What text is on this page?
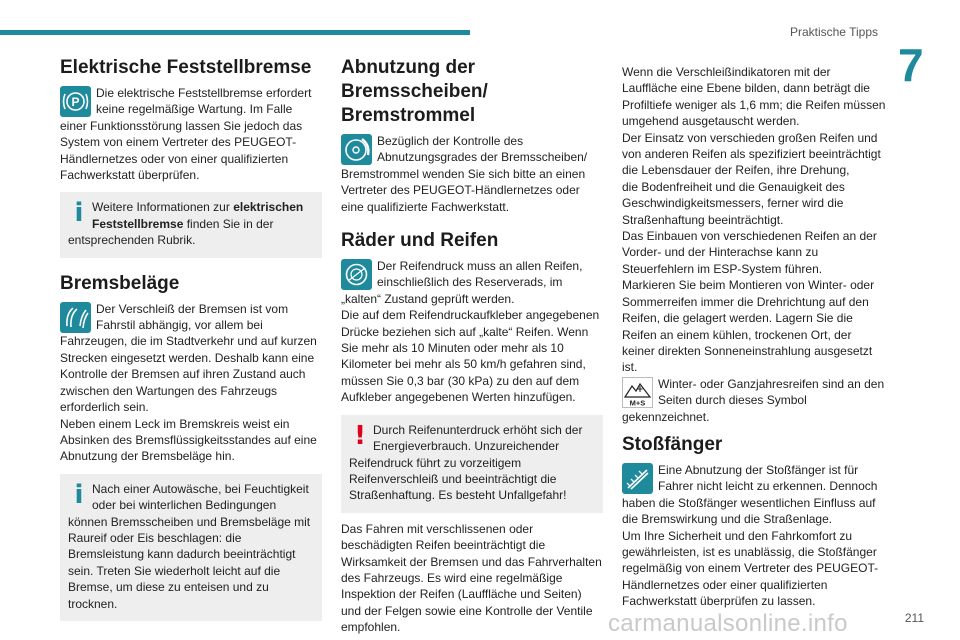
Praktische Tipps
7
211
carmanualsonline.info
Elektrische Feststellbremse
P

Die elektrische Feststellbremse erfordert keine regelmäßige Wartung. Im Falle einer Funktionsstörung lassen Sie jedoch das System von einem Vertreter des PEUGEOT-Händlernetzes oder von einer qualifizierten Fachwerkstatt überprüfen.

i Weitere Informationen zur elektrischen Feststellbremse finden Sie in der entsprechenden Rubrik.

Bremsbeläge

Der Verschleiß der Bremsen ist vom Fahrstil abhängig, vor allem bei Fahrzeugen, die im Stadtverkehr und auf kurzen Strecken eingesetzt werden. Deshalb kann eine Kontrolle der Bremsen auf ihren Zustand auch zwischen den Wartungen des Fahrzeugs erforderlich sein.

Neben einem Leck im Bremskreis weist ein Absinken des Bremsflüssigkeitsstandes auf eine Abnutzung der Bremsbeläge hin.

i Nach einer Autowäsche, bei Feuchtigkeit oder bei winterlichen Bedingungen können Bremsscheiben und Bremsbeläge mit Raureif oder Eis beschlagen: die Bremsleistung kann dadurch beeinträchtigt sein. Treten Sie wiederholt leicht auf die Bremse, um diese zu enteisen und zu trocknen.

Abnutzung der Bremsscheiben/ Bremstrommel

Bezüglich der Kontrolle des Abnutzungsgrades der Bremsscheiben/ Bremstrommel wenden Sie sich bitte an einen Vertreter des PEUGEOT-Händlernetzes oder eine qualifizierte Fachwerkstatt.

Räder und Reifen

Der Reifendruck muss an allen Reifen, einschließlich des Reserverads, im „kalten“ Zustand geprüft werden.

Die auf dem Reifendruckaufkleber angegebenen Drücke beziehen sich auf „kalte“ Reifen. Wenn Sie mehr als 10 Minuten oder mehr als 10 Kilometer bei mehr als 50 km/h gefahren sind, müssen Sie 0,3 bar (30 kPa) zu den auf dem Aufkleber angegebenen Werten hinzufügen.

! Durch Reifenunterdruck erhöht sich der Energieverbrauch. Unzureichender Reifendruck führt zu vorzeitigem Reifenverschleiß und beeinträchtigt die Straßenhaftung. Es besteht Unfallgefahr!

Das Fahren mit verschlissenen oder beschädigten Reifen beeinträchtigt die Wirksamkeit der Bremsen und das Fahrverhalten des Fahrzeugs. Es wird eine regelmäßige Inspektion der Reifen (Lauffläche und Seiten) und der Felgen sowie eine Kontrolle der Ventile empfohlen.

Wenn die Verschleißindikatoren mit der Lauffläche eine Ebene bilden, dann beträgt die Profiltiefe weniger als 1,6 mm; die Reifen müssen umgehend ausgetauscht werden.

Der Einsatz von verschieden großen Reifen und von anderen Reifen als spezifiziert beeinträchtigt die Lebensdauer der Reifen, ihre Drehung,

die Bodenfreiheit und die Genauigkeit des Geschwindigkeitsmessers, ferner wird die Straßenhaftung beeinträchtigt.

Das Einbauen von verschiedenen Reifen an der Vorder- und der Hinterachse kann zu Steuerfehlern im ESP-System führen.

Markieren Sie beim Montieren von Winter- oder Sommerreifen immer die Drehrichtung auf den Reifen, die gelagert werden. Lagern Sie die Reifen an einem kühlen, trockenen Ort, der keiner direkten Sonneneinstrahlung ausgesetzt ist.

M+S

Winter- oder Ganzjahresreifen sind an den Seiten durch dieses Symbol gekennzeichnet.

Stoßfänger

Eine Abnutzung der Stoßfänger ist für Fahrer nicht leicht zu erkennen. Dennoch haben die Stoßfänger wesentlichen Einfluss auf die Bremswirkung und die Straßenlage.

Um Ihre Sicherheit und den Fahrkomfort zu gewährleisten, ist es unablässig, die Stoßfänger regelmäßig von einem Vertreter des PEUGEOT-Händlernetzes oder einer qualifizierten Fachwerkstatt überprüfen zu lassen.
